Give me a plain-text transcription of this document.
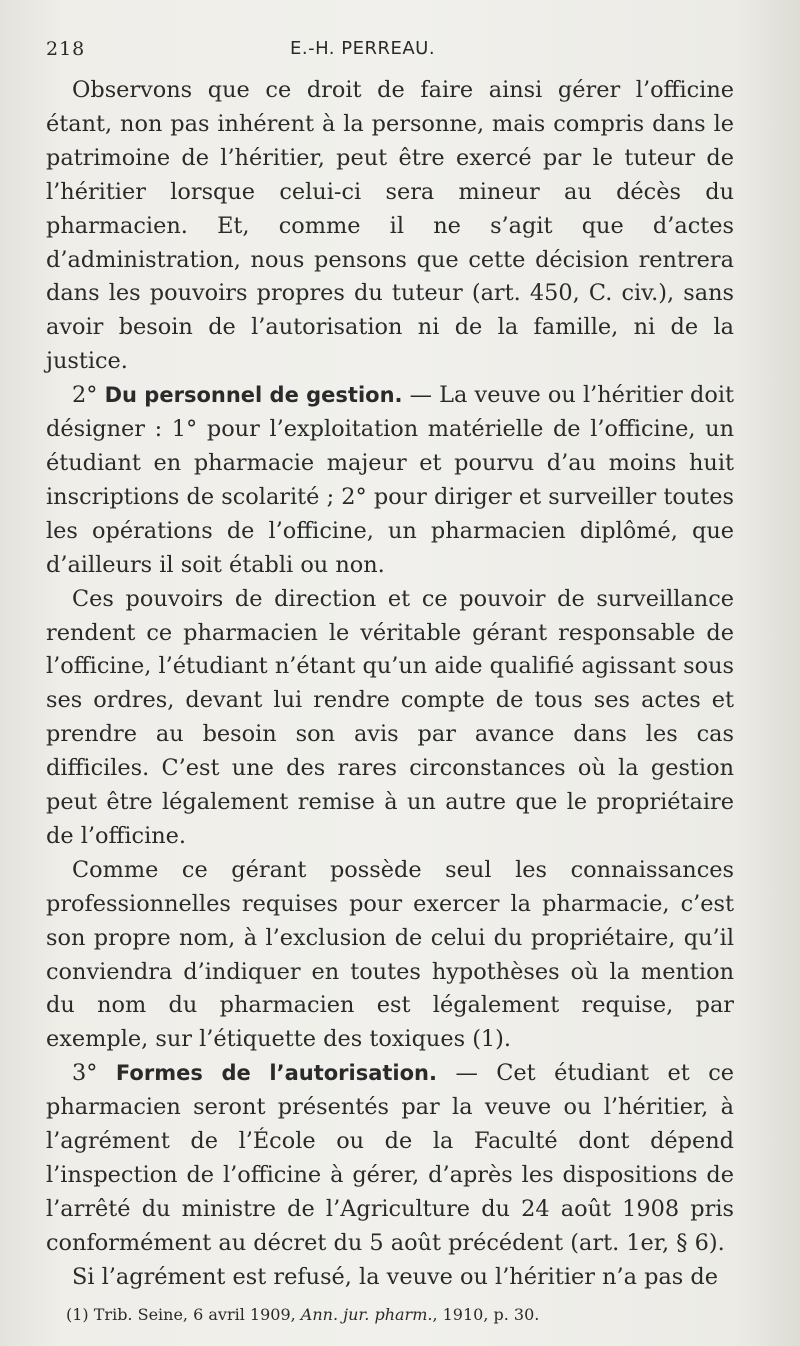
218	E.-H. PERREAU.

Observons que ce droit de faire ainsi gérer l’officine étant, non pas inhérent à la personne, mais compris dans le patrimoine de l’héritier, peut être exercé par le tuteur de l’héritier lorsque celui-ci sera mineur au décès du pharmacien. Et, comme il ne s’agit que d’actes d’administration, nous pensons que cette décision rentrera dans les pouvoirs propres du tuteur (art. 450, C. civ.), sans avoir besoin de l’autorisation ni de la famille, ni de la justice.

2° Du personnel de gestion. — La veuve ou l’héritier doit désigner : 1° pour l’exploitation matérielle de l’officine, un étudiant en pharmacie majeur et pourvu d’au moins huit inscriptions de scolarité ; 2° pour diriger et surveiller toutes les opérations de l’officine, un pharmacien diplômé, que d’ailleurs il soit établi ou non.

Ces pouvoirs de direction et ce pouvoir de surveillance rendent ce pharmacien le véritable gérant responsable de l’officine, l’étudiant n’étant qu’un aide qualifié agissant sous ses ordres, devant lui rendre compte de tous ses actes et prendre au besoin son avis par avance dans les cas difficiles. C’est une des rares circonstances où la gestion peut être légalement remise à un autre que le propriétaire de l’officine.

Comme ce gérant possède seul les connaissances professionnelles requises pour exercer la pharmacie, c’est son propre nom, à l’exclusion de celui du propriétaire, qu’il conviendra d’indiquer en toutes hypothèses où la mention du nom du pharmacien est légalement requise, par exemple, sur l’étiquette des toxiques (1).

3° Formes de l’autorisation. — Cet étudiant et ce pharmacien seront présentés par la veuve ou l’héritier, à l’agrément de l’École ou de la Faculté dont dépend l’inspection de l’officine à gérer, d’après les dispositions de l’arrêté du ministre de l’Agriculture du 24 août 1908 pris conformément au décret du 5 août précédent (art. 1er, § 6).

Si l’agrément est refusé, la veuve ou l’héritier n’a pas de

(1) Trib. Seine, 6 avril 1909, Ann. jur. pharm., 1910, p. 30.
